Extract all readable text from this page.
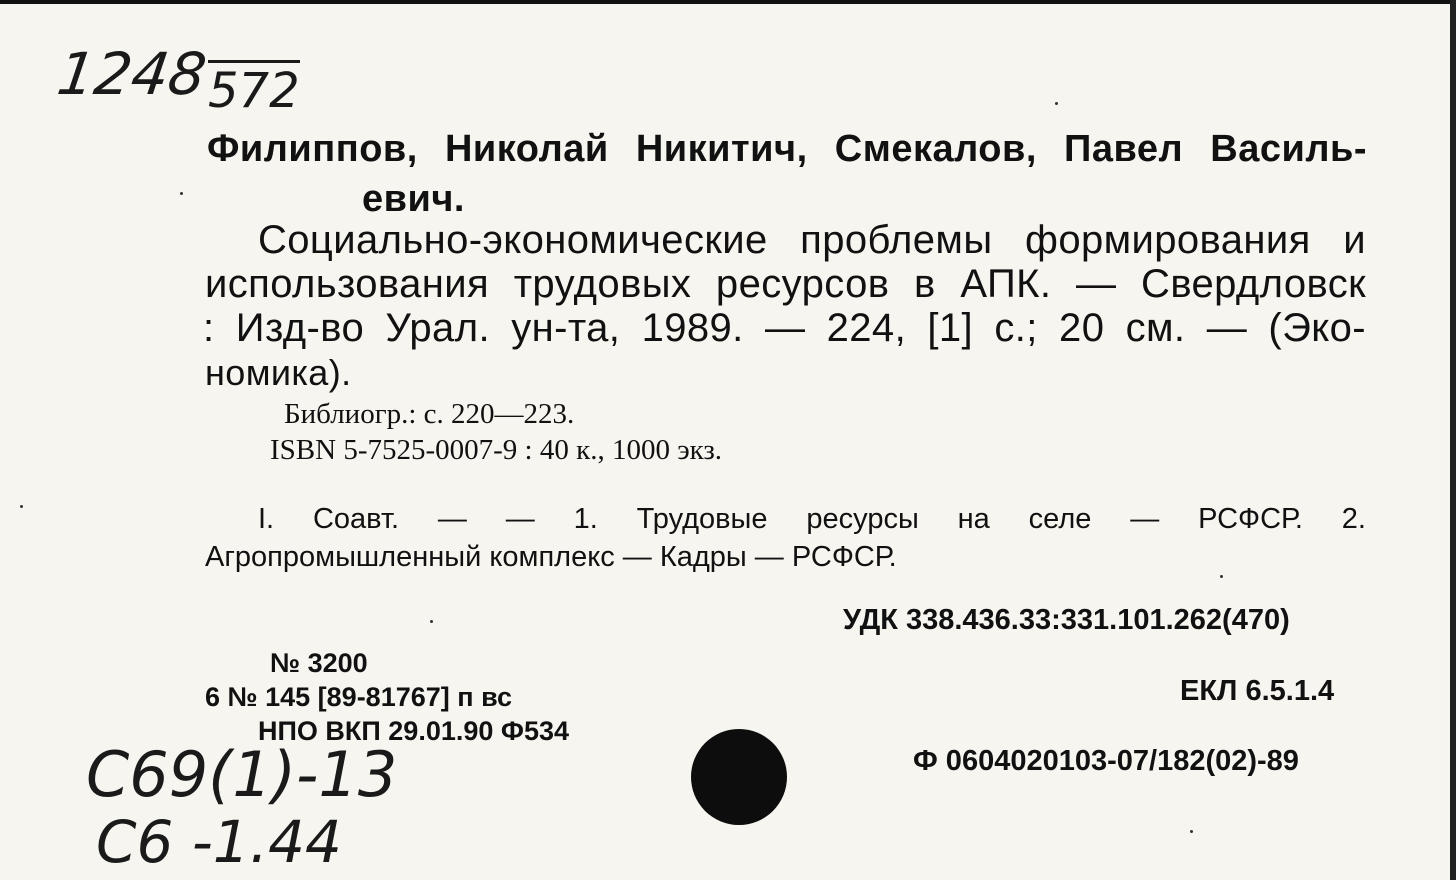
1248
572
Филиппов, Николай Никитич, Смекалов, Павел Василь-
евич.
Социально-экономические проблемы формирования и
использования трудовых ресурсов в АПК. — Свердловск
: Изд-во Урал. ун-та, 1989. — 224, [1] с.; 20 см. — (Эко-
номика).
Библиогр.: с. 220—223.
ISBN 5-7525-0007-9 : 40 к., 1000 экз.
I. Соавт. — — 1. Трудовые ресурсы на селе — РСФСР. 2.
Агропромышленный комплекс — Кадры — РСФСР.
УДК 338.436.33:331.101.262(470)
ЕКЛ 6.5.1.4
Ф 0604020103-07/182(02)-89
№ 3200
6 № 145 [89-81767] п вс
НПО ВКП 29.01.90 Ф534
С69(1)-13
С6 -1.44
